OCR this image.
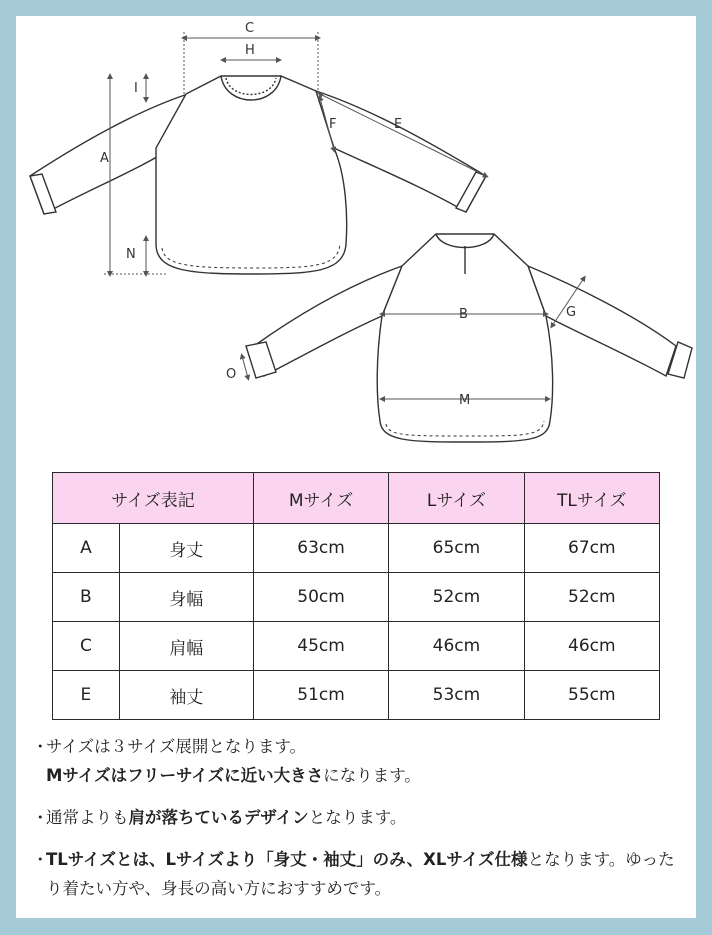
C
H
I
A
N
F	E
B	G
M
O
サイズ表記		Mサイズ	Lサイズ	TLサイズ
A	身丈	63cm	65cm	67cm
B	身幅	50cm	52cm	52cm
C	肩幅	45cm	46cm	46cm
E	袖丈	51cm	53cm	55cm
・
サイズは３サイズ展開となります。
Mサイズはフリーサイズに近い大きさになります。
・
通常よりも肩が落ちているデザインとなります。
・
TLサイズとは、Lサイズより「身丈・袖丈」のみ、XLサイズ仕様となります。ゆったり着たい方や、身長の高い方におすすめです。
